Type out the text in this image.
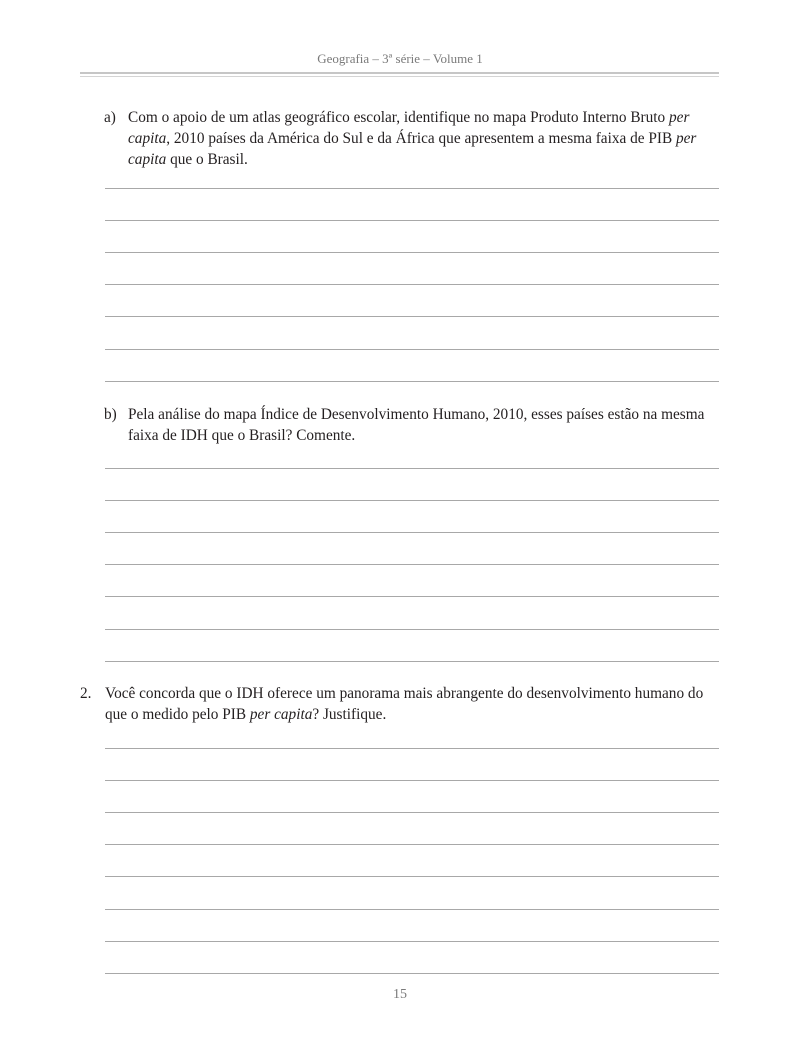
Geografia – 3ª série – Volume 1
a) Com o apoio de um atlas geográfico escolar, identifique no mapa Produto Interno Bruto per capita, 2010 países da América do Sul e da África que apresentem a mesma faixa de PIB per capita que o Brasil.
b) Pela análise do mapa Índice de Desenvolvimento Humano, 2010, esses países estão na mesma faixa de IDH que o Brasil? Comente.
2. Você concorda que o IDH oferece um panorama mais abrangente do desenvolvimento humano do que o medido pelo PIB per capita? Justifique.
15
